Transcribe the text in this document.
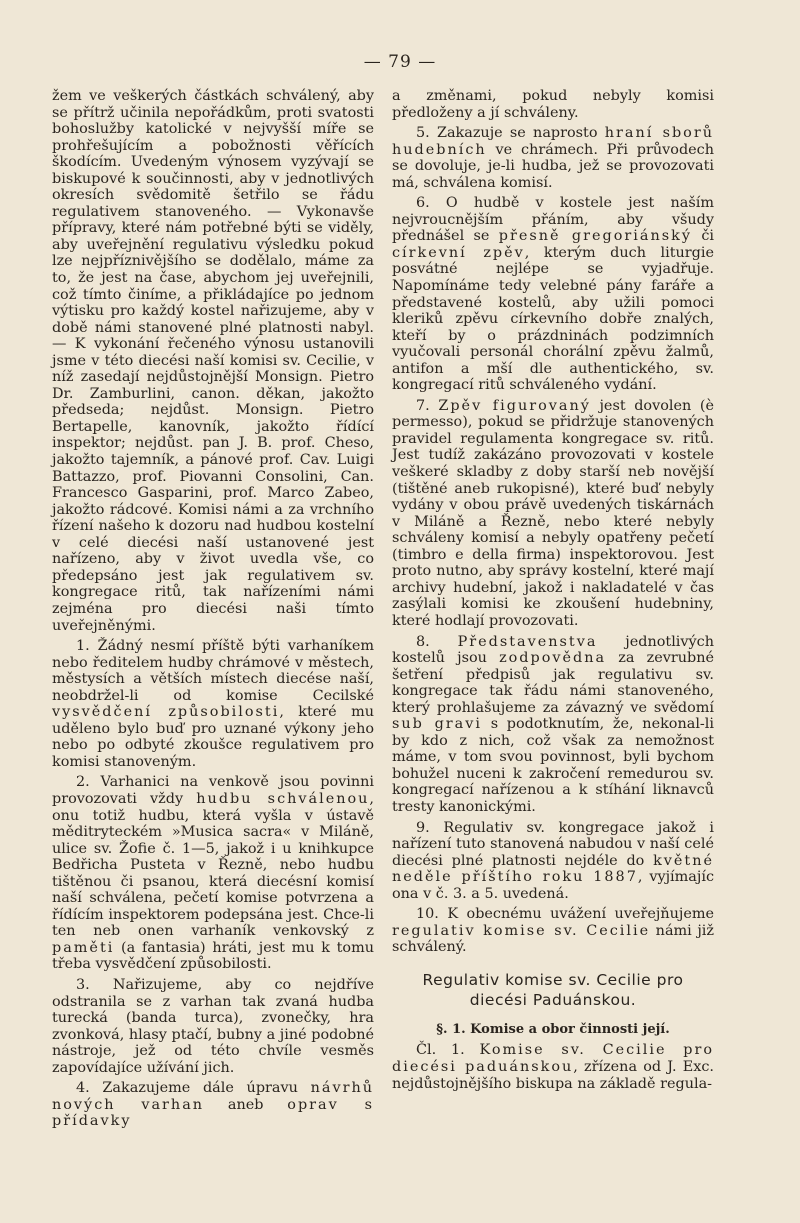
— 79 —

žem ve veškerých částkách schválený, aby se přítrž učinila nepořádkům, proti svatosti bohoslužby katolické v nejvyšší míře se prohřešujícím a pobožnosti věřících škodícím. Uvedeným výnosem vyzývají se biskupové k součinnosti, aby v jednotlivých okresích svědomitě šetřilo se řádu regulativem stanoveného. — Vykonavše přípravy, které nám potřebné býti se viděly, aby uveřejnění regulativu výsledku pokud lze nejpříznivějšího se dodělalo, máme za to, že jest na čase, abychom jej uveřejnili, což tímto činíme, a přikládajíce po jednom výtisku pro každý kostel nařizujeme, aby v době námi stanovené plné platnosti nabyl. — K vykonání řečeného výnosu ustanovili jsme v této diecési naší komisi sv. Cecilie, v níž zasedají nejdůstojnější Monsign. Pietro Dr. Zamburlini, canon. děkan, jakožto předseda; nejdůst. Monsign. Pietro Bertapelle, kanovník, jakožto řídící inspektor; nejdůst. pan J. B. prof. Cheso, jakožto tajemník, a pánové prof. Cav. Luigi Battazzo, prof. Piovanni Consolini, Can. Francesco Gasparini, prof. Marco Zabeo, jakožto rádcové. Komisi námi a za vrchního řízení našeho k dozoru nad hudbou kostelní v celé diecési naší ustanovené jest nařízeno, aby v život uvedla vše, co předepsáno jest jak regulativem sv. kongregace ritů, tak nařízeními námi zejména pro diecési naši tímto uveřejněnými.

1. Žádný nesmí příště býti varhaníkem nebo ředitelem hudby chrámové v městech, městysích a větších místech diecése naší, neobdržel-li od komise Cecilské vysvědčení způsobilosti, které mu uděleno bylo buď pro uznané výkony jeho nebo po odbyté zkoušce regulativem pro komisi stanoveným.

2. Varhanici na venkově jsou povinni provozovati vždy hudbu schválenou, onu totiž hudbu, která vyšla v ústavě měditryteckém »Musica sacra« v Miláně, ulice sv. Žofie č. 1—5, jakož i u knihkupce Bedřicha Pusteta v Řezně, nebo hudbu tištěnou či psanou, která diecésní komisí naší schválena, pečetí komise potvrzena a řídícím inspektorem podepsána jest. Chce-li ten neb onen varhaník venkovský z paměti (a fantasia) hráti, jest mu k tomu třeba vysvědčení způsobilosti.

3. Nařizujeme, aby co nejdříve odstranila se z varhan tak zvaná hudba turecká (banda turca), zvonečky, hra zvonková, hlasy ptačí, bubny a jiné podobné nástroje, jež od této chvíle vesměs zapovídajíce užívání jich.

4. Zakazujeme dále úpravu návrhů nových varhan aneb oprav s přídavky

a změnami, pokud nebyly komisi předloženy a jí schváleny.

5. Zakazuje se naprosto hraní sborů hudebních ve chrámech. Při průvodech se dovoluje, je-li hudba, jež se provozovati má, schválena komisí.

6. O hudbě v kostele jest naším nejvroucnějším přáním, aby všudy přednášel se přesně gregoriánský či církevní zpěv, kterým duch liturgie posvátné nejlépe se vyjadřuje. Napomínáme tedy velebné pány faráře a představené kostelů, aby užili pomoci kleriků zpěvu církevního dobře znalých, kteří by o prázdninách podzimních vyučovali personál chorální zpěvu žalmů, antifon a mší dle authentického, sv. kongregací ritů schváleného vydání.

7. Zpěv figurovaný jest dovolen (è permesso), pokud se přidržuje stanovených pravidel regulamenta kongregace sv. ritů. Jest tudíž zakázáno provozovati v kostele veškeré skladby z doby starší neb novější (tištěné aneb rukopisné), které buď nebyly vydány v obou právě uvedených tiskárnách v Miláně a Řezně, nebo které nebyly schváleny komisí a nebyly opatřeny pečetí (timbro e della firma) inspektorovou. Jest proto nutno, aby správy kostelní, které mají archivy hudební, jakož i nakladatelé v čas zasýlali komisi ke zkoušení hudebniny, které hodlají provozovati.

8. Představenstva jednotlivých kostelů jsou zodpovědna za zevrubné šetření předpisů jak regulativu sv. kongregace tak řádu námi stanoveného, který prohlašujeme za závazný ve svědomí sub gravi s podotknutím, že, nekonal-li by kdo z nich, což však za nemožnost máme, v tom svou povinnost, byli bychom bohužel nuceni k zakročení remedurou sv. kongregací nařízenou a k stíhání liknavců tresty kanonickými.

9. Regulativ sv. kongregace jakož i nařízení tuto stanovená nabudou v naší celé diecési plné platnosti nejdéle do květné neděle příštího roku 1887, vyjímajíc ona v č. 3. a 5. uvedená.

10. K obecnému uvážení uveřejňujeme regulativ komise sv. Cecilie námi již schválený.

Regulativ komise sv. Cecilie pro diecési Paduánskou.
§. 1. Komise a obor činnosti její.

Čl. 1. Komise sv. Cecilie pro diecési paduánskou, zřízena od J. Exc. nejdůstojnějšího biskupa na základě regula-
